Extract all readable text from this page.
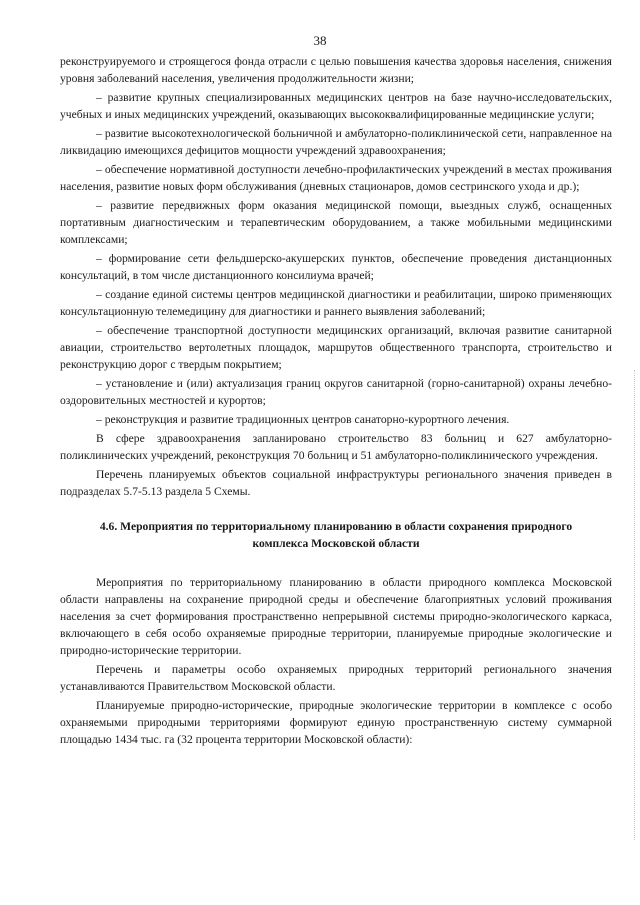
38

реконструируемого и строящегося фонда отрасли с целью повышения качества здоровья населения, снижения уровня заболеваний населения, увеличения продолжительности жизни;

– развитие крупных специализированных медицинских центров на базе научно-исследовательских, учебных и иных медицинских учреждений, оказывающих высококвалифицированные медицинские услуги;

– развитие высокотехнологической больничной и амбулаторно-поликлинической сети, направленное на ликвидацию имеющихся дефицитов мощности учреждений здравоохранения;

– обеспечение нормативной доступности лечебно-профилактических учреждений в местах проживания населения, развитие новых форм обслуживания (дневных стационаров, домов сестринского ухода и др.);

– развитие передвижных форм оказания медицинской помощи, выездных служб, оснащенных портативным диагностическим и терапевтическим оборудованием, а также мобильными медицинскими комплексами;

– формирование сети фельдшерско-акушерских пунктов, обеспечение проведения дистанционных консультаций, в том числе дистанционного консилиума врачей;

– создание единой системы центров медицинской диагностики и реабилитации, широко применяющих консультационную телемедицину для диагностики и раннего выявления заболеваний;

– обеспечение транспортной доступности медицинских организаций, включая развитие санитарной авиации, строительство вертолетных площадок, маршрутов общественного транспорта, строительство и реконструкцию дорог с твердым покрытием;

– установление и (или) актуализация границ округов санитарной (горно-санитарной) охраны лечебно-оздоровительных местностей и курортов;

– реконструкция и развитие традиционных центров санаторно-курортного лечения.

В сфере здравоохранения запланировано строительство 83 больниц и 627 амбулаторно-поликлинических учреждений, реконструкция 70 больниц и 51 амбулаторно-поликлинического учреждения.

Перечень планируемых объектов социальной инфраструктуры регионального значения приведен в подразделах 5.7-5.13 раздела 5 Схемы.

4.6. Мероприятия по территориальному планированию в области сохранения природного
комплекса Московской области

Мероприятия по территориальному планированию в области природного комплекса Московской области направлены на сохранение природной среды и обеспечение благоприятных условий проживания населения за счет формирования пространственно непрерывной системы природно-экологического каркаса, включающего в себя особо охраняемые природные территории, планируемые природные экологические и природно-исторические территории.

Перечень и параметры особо охраняемых природных территорий регионального значения устанавливаются Правительством Московской области.

Планируемые природно-исторические, природные экологические территории в комплексе с особо охраняемыми природными территориями формируют единую пространственную систему суммарной площадью 1434 тыс. га (32 процента территории Московской области):
